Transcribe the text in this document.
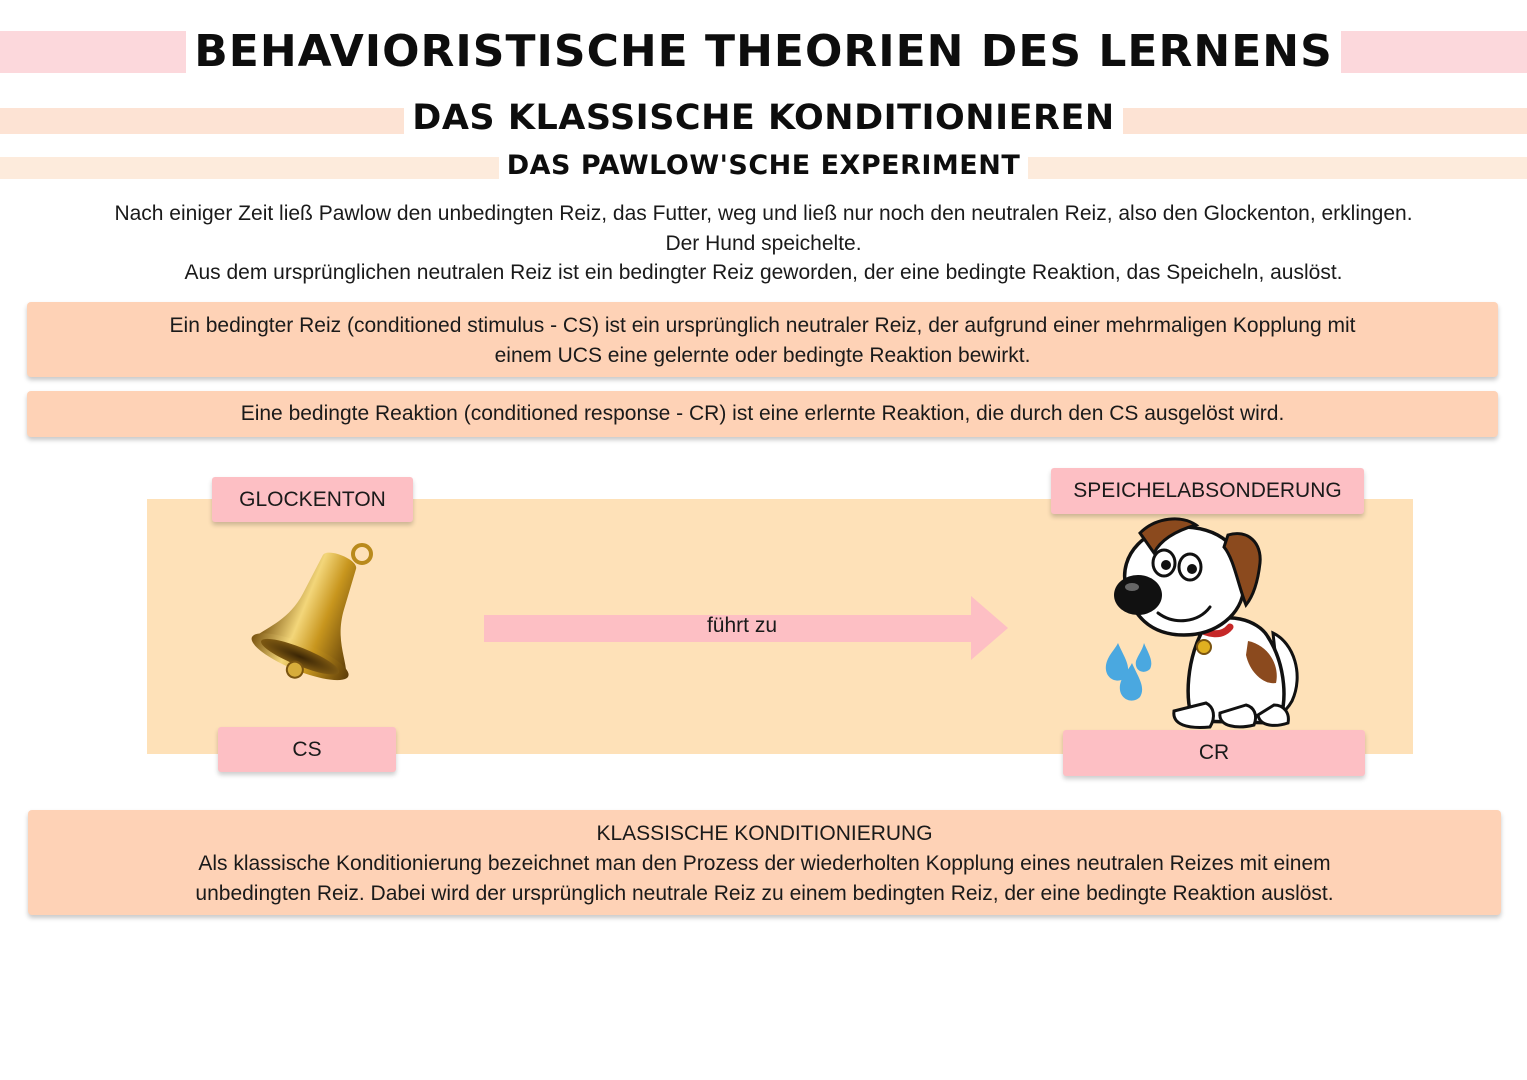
BEHAVIORISTISCHE THEORIEN DES LERNENS
DAS KLASSISCHE KONDITIONIEREN
DAS PAWLOW'SCHE EXPERIMENT
Nach einiger Zeit ließ Pawlow den unbedingten Reiz, das Futter, weg und ließ nur noch den neutralen Reiz, also den Glockenton, erklingen.
Der Hund speichelte.
Aus dem ursprünglichen neutralen Reiz ist ein bedingter Reiz geworden, der eine bedingte Reaktion, das Speicheln, auslöst.
Ein bedingter Reiz (conditioned stimulus - CS) ist ein ursprünglich neutraler Reiz, der aufgrund einer mehrmaligen Kopplung mit
einem UCS eine gelernte oder bedingte Reaktion bewirkt.
Eine bedingte Reaktion (conditioned response - CR) ist eine erlernte Reaktion, die durch den CS ausgelöst wird.
GLOCKENTON	SPEICHELABSONDERUNG
führt zu
CS	CR
KLASSISCHE KONDITIONIERUNG
Als klassische Konditionierung bezeichnet man den Prozess der wiederholten Kopplung eines neutralen Reizes mit einem
unbedingten Reiz. Dabei wird der ursprünglich neutrale Reiz zu einem bedingten Reiz, der eine bedingte Reaktion auslöst.
